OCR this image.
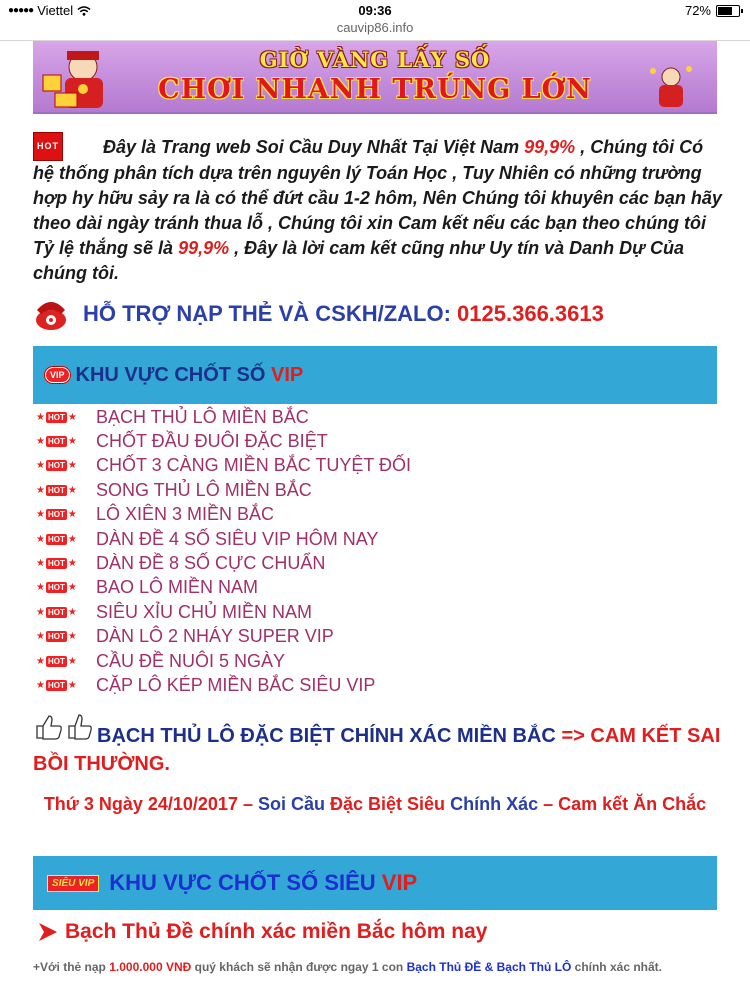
●●●●● Viettel	09:36	72%
cauvip86.info
GIỜ VÀNG LẤY SỐ
CHƠI NHANH TRÚNG LỚN
HOT Đây là Trang web Soi Cầu Duy Nhất Tại Việt Nam 99,9% , Chúng tôi Có hệ thống phân tích dựa trên nguyên lý Toán Học , Tuy Nhiên có những trường hợp hy hữu sảy ra là có thể đứt cầu 1-2 hôm, Nên Chúng tôi khuyên các bạn hãy theo dài ngày tránh thua lỗ , Chúng tôi xin Cam kết nếu các bạn theo chúng tôi Tỷ lệ thắng sẽ là 99,9% , Đây là lời cam kết cũng như Uy tín và Danh Dự Của chúng tôi.
HỖ TRỢ NẠP THẺ VÀ CSKH/ZALO: 0125.366.3613
VIP KHU VỰC CHỐT SỐ VIP
★ HOT ★ BẠCH THỦ LÔ MIỀN BẮC
★ HOT ★ CHỐT ĐẦU ĐUÔI ĐẶC BIỆT
★ HOT ★ CHỐT 3 CÀNG MIỀN BẮC TUYỆT ĐỐI
★ HOT ★ SONG THỦ LÔ MIỀN BẮC
★ HOT ★ LÔ XIÊN 3 MIỀN BẮC
★ HOT ★ DÀN ĐỀ 4 SỐ SIÊU VIP HÔM NAY
★ HOT ★ DÀN ĐỀ 8 SỐ CỰC CHUẨN
★ HOT ★ BAO LÔ MIỀN NAM
★ HOT ★ SIÊU XỈU CHỦ MIỀN NAM
★ HOT ★ DÀN LÔ 2 NHÁY SUPER VIP
★ HOT ★ CẦU ĐỀ NUÔI 5 NGÀY
★ HOT ★ CẶP LÔ KÉP MIỀN BẮC SIÊU VIP

BẠCH THỦ LÔ ĐẶC BIỆT CHÍNH XÁC MIỀN BẮC => CAM KẾT SAI BỒI THƯỜNG.

Thứ 3 Ngày 24/10/2017 – Soi Cầu Đặc Biệt Siêu Chính Xác – Cam kết Ăn Chắc
SIÊU VIP KHU VỰC CHỐT SỐ SIÊU VIP
Bạch Thủ Đề chính xác miền Bắc hôm nay
+Với thẻ nạp 1.000.000 VNĐ quý khách sẽ nhận được ngay 1 con Bạch Thủ ĐỀ & Bạch Thủ LÔ chính xác nhất.
